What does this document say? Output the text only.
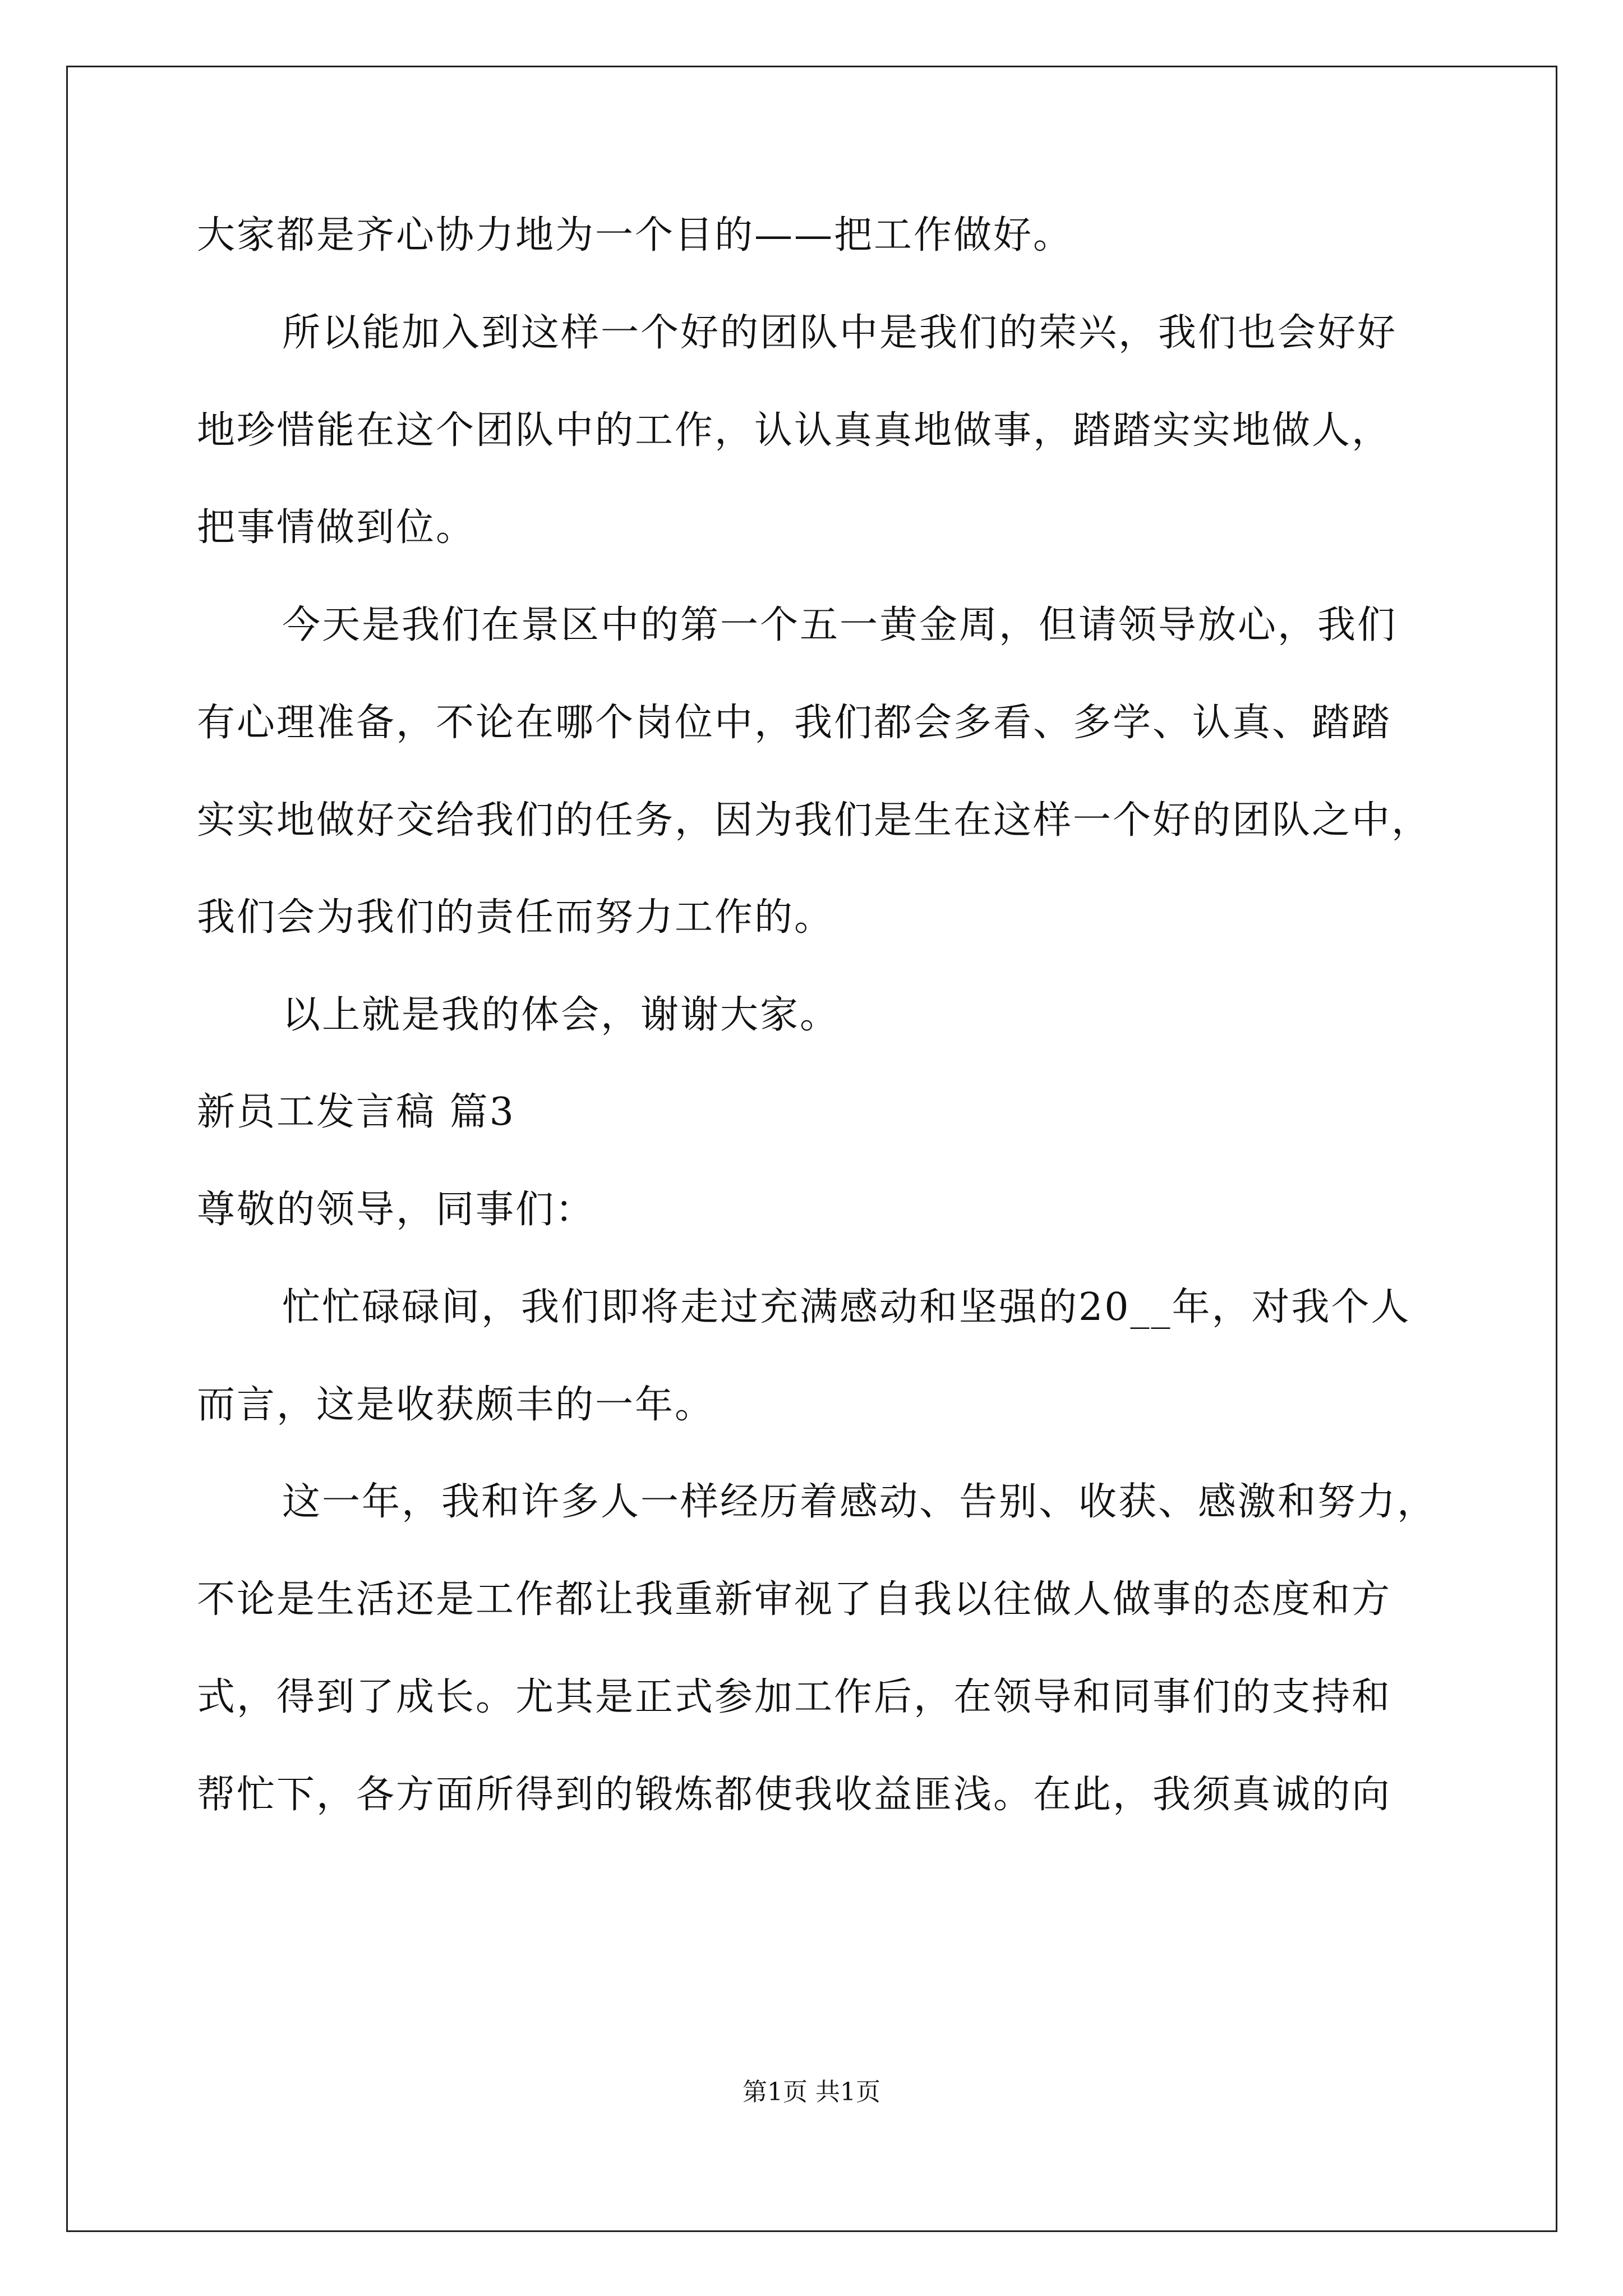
大家都是齐心协力地为一个目的——把工作做好。
所以能加入到这样一个好的团队中是我们的荣兴，我们也会好好
地珍惜能在这个团队中的工作，认认真真地做事，踏踏实实地做人，
把事情做到位。
今天是我们在景区中的第一个五一黄金周，但请领导放心，我们
有心理准备，不论在哪个岗位中，我们都会多看、多学、认真、踏踏
实实地做好交给我们的任务，因为我们是生在这样一个好的团队之中，
我们会为我们的责任而努力工作的。
以上就是我的体会，谢谢大家。
新员工发言稿 篇3
尊敬的领导，同事们：
忙忙碌碌间，我们即将走过充满感动和坚强的20__年，对我个人
而言，这是收获颇丰的一年。
这一年，我和许多人一样经历着感动、告别、收获、感激和努力，
不论是生活还是工作都让我重新审视了自我以往做人做事的态度和方
式，得到了成长。尤其是正式参加工作后，在领导和同事们的支持和
帮忙下，各方面所得到的锻炼都使我收益匪浅。在此，我须真诚的向
第1页 共1页
